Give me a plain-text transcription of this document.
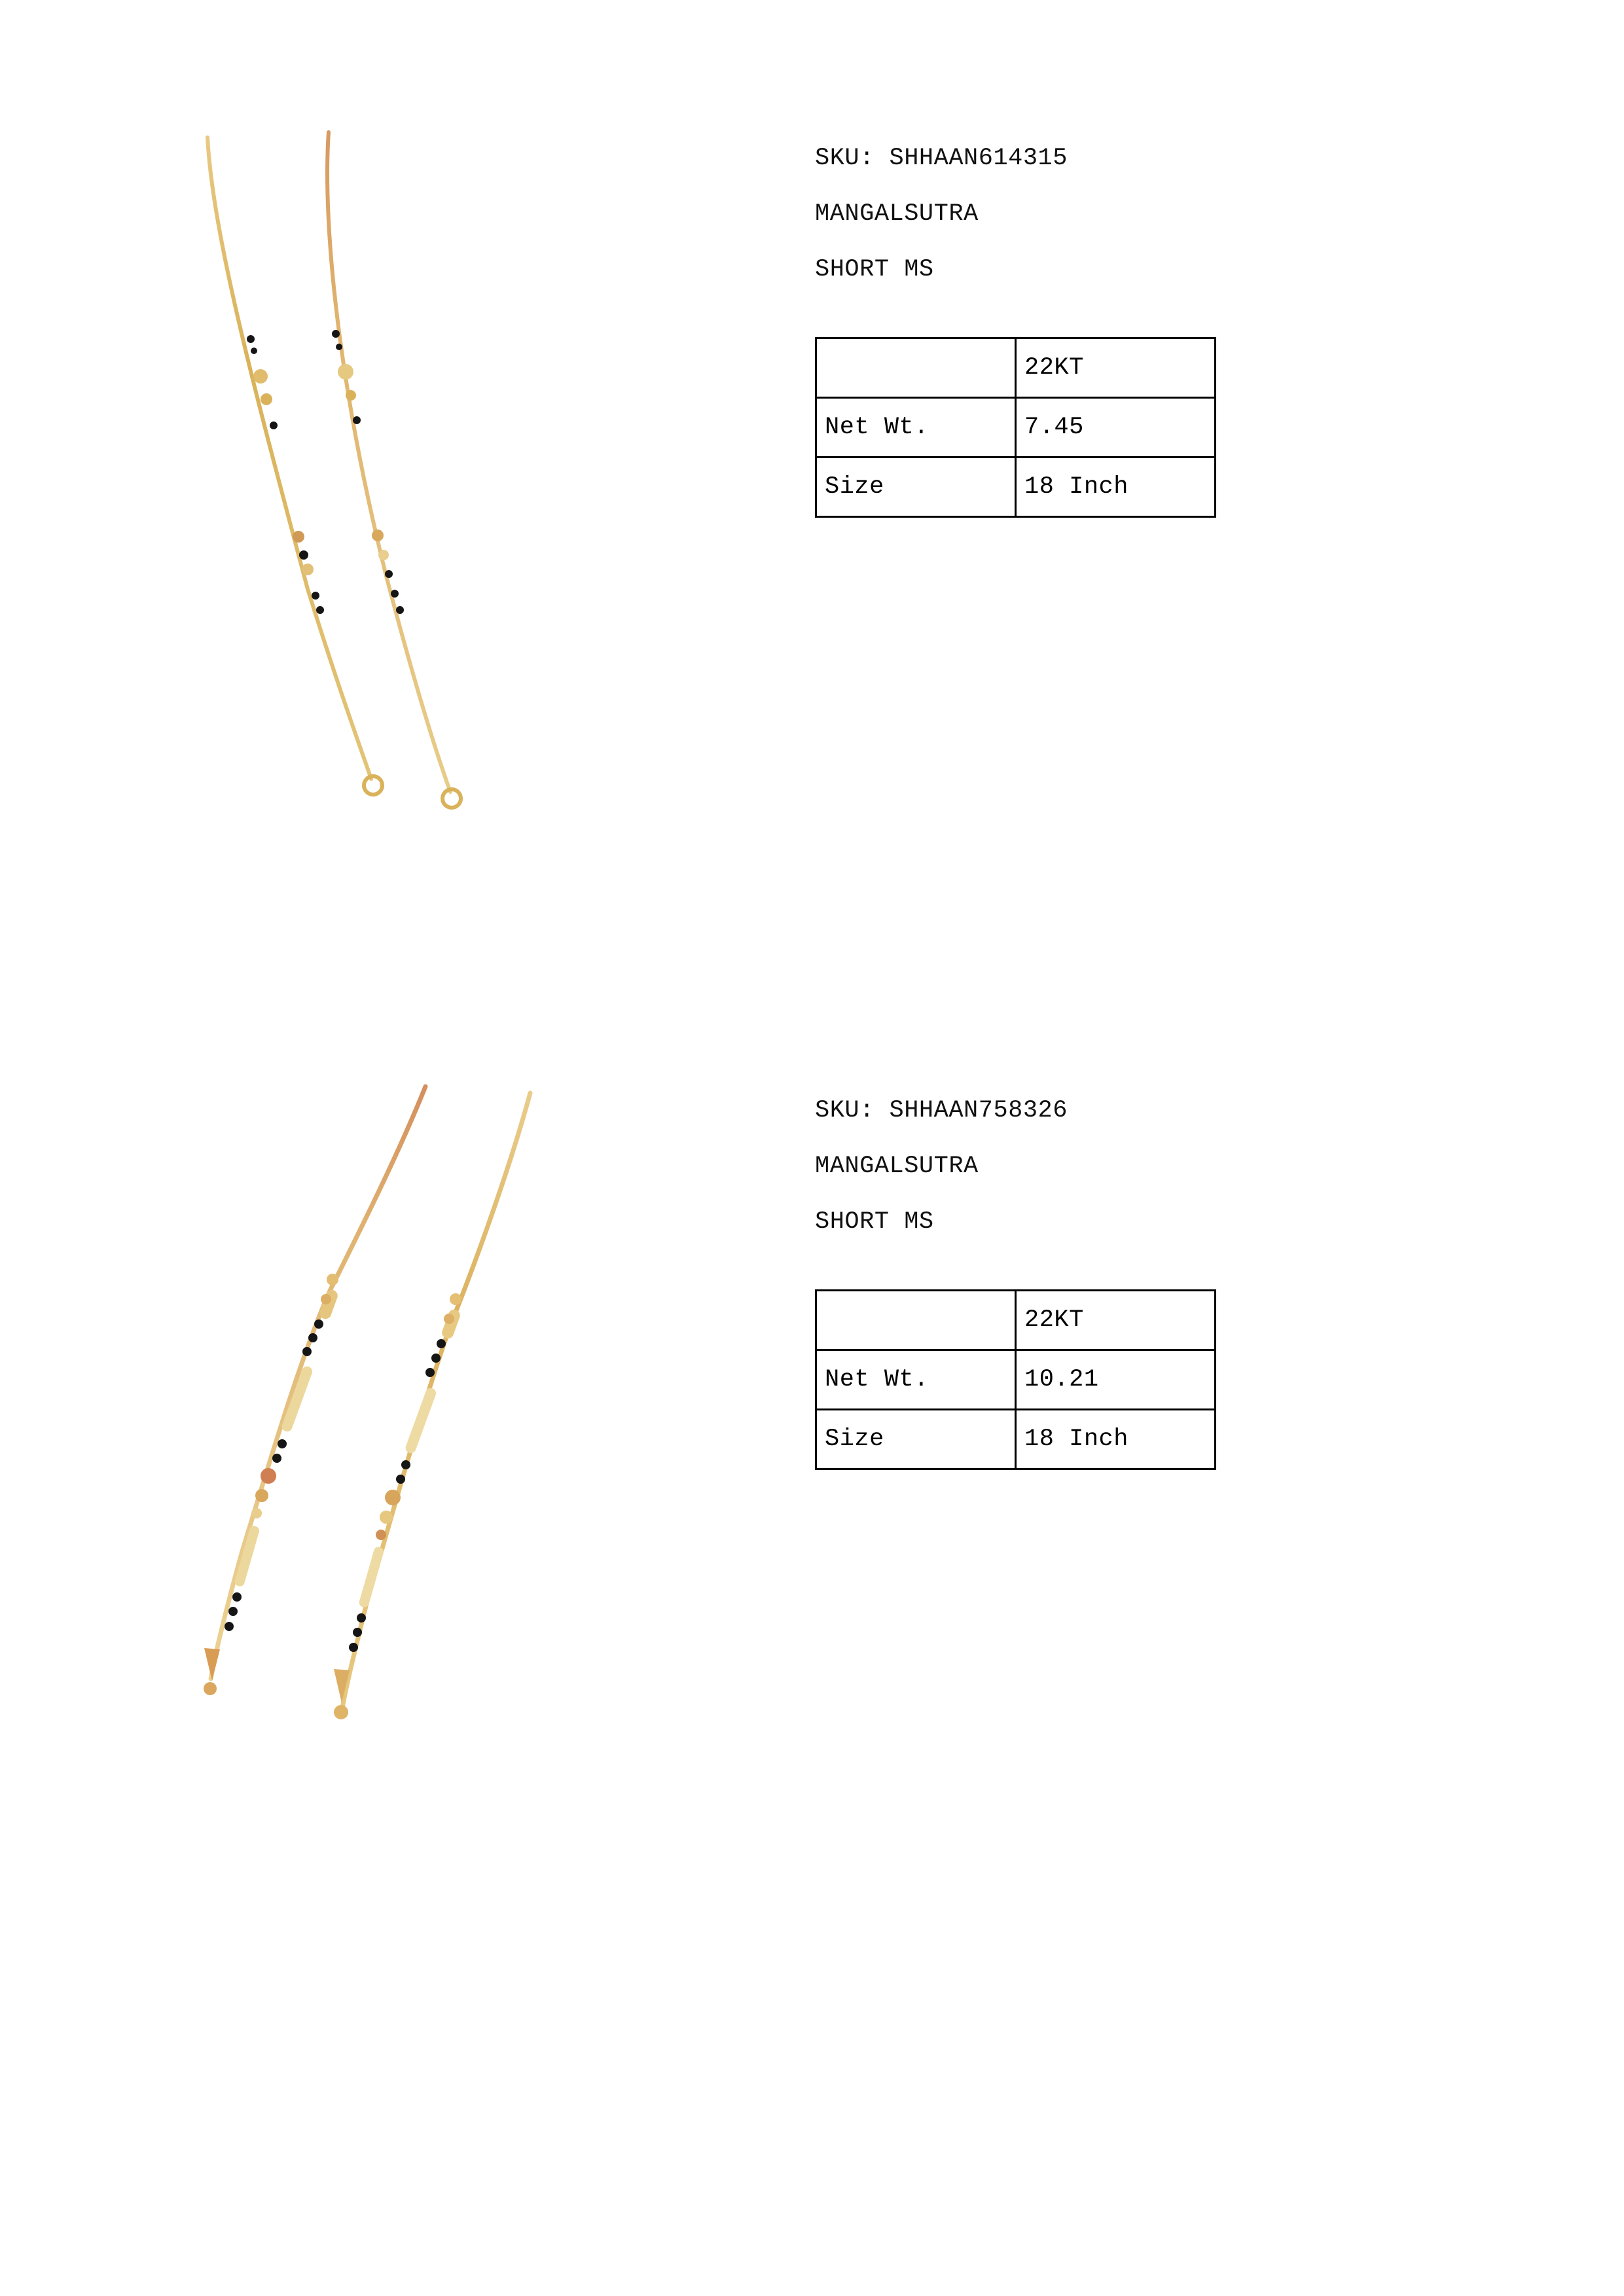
SKU: SHHAAN614315
MANGALSUTRA
SHORT MS
	22KT
Net Wt.	7.45
Size	18 Inch
SKU: SHHAAN758326
MANGALSUTRA
SHORT MS
	22KT
Net Wt.	10.21
Size	18 Inch
